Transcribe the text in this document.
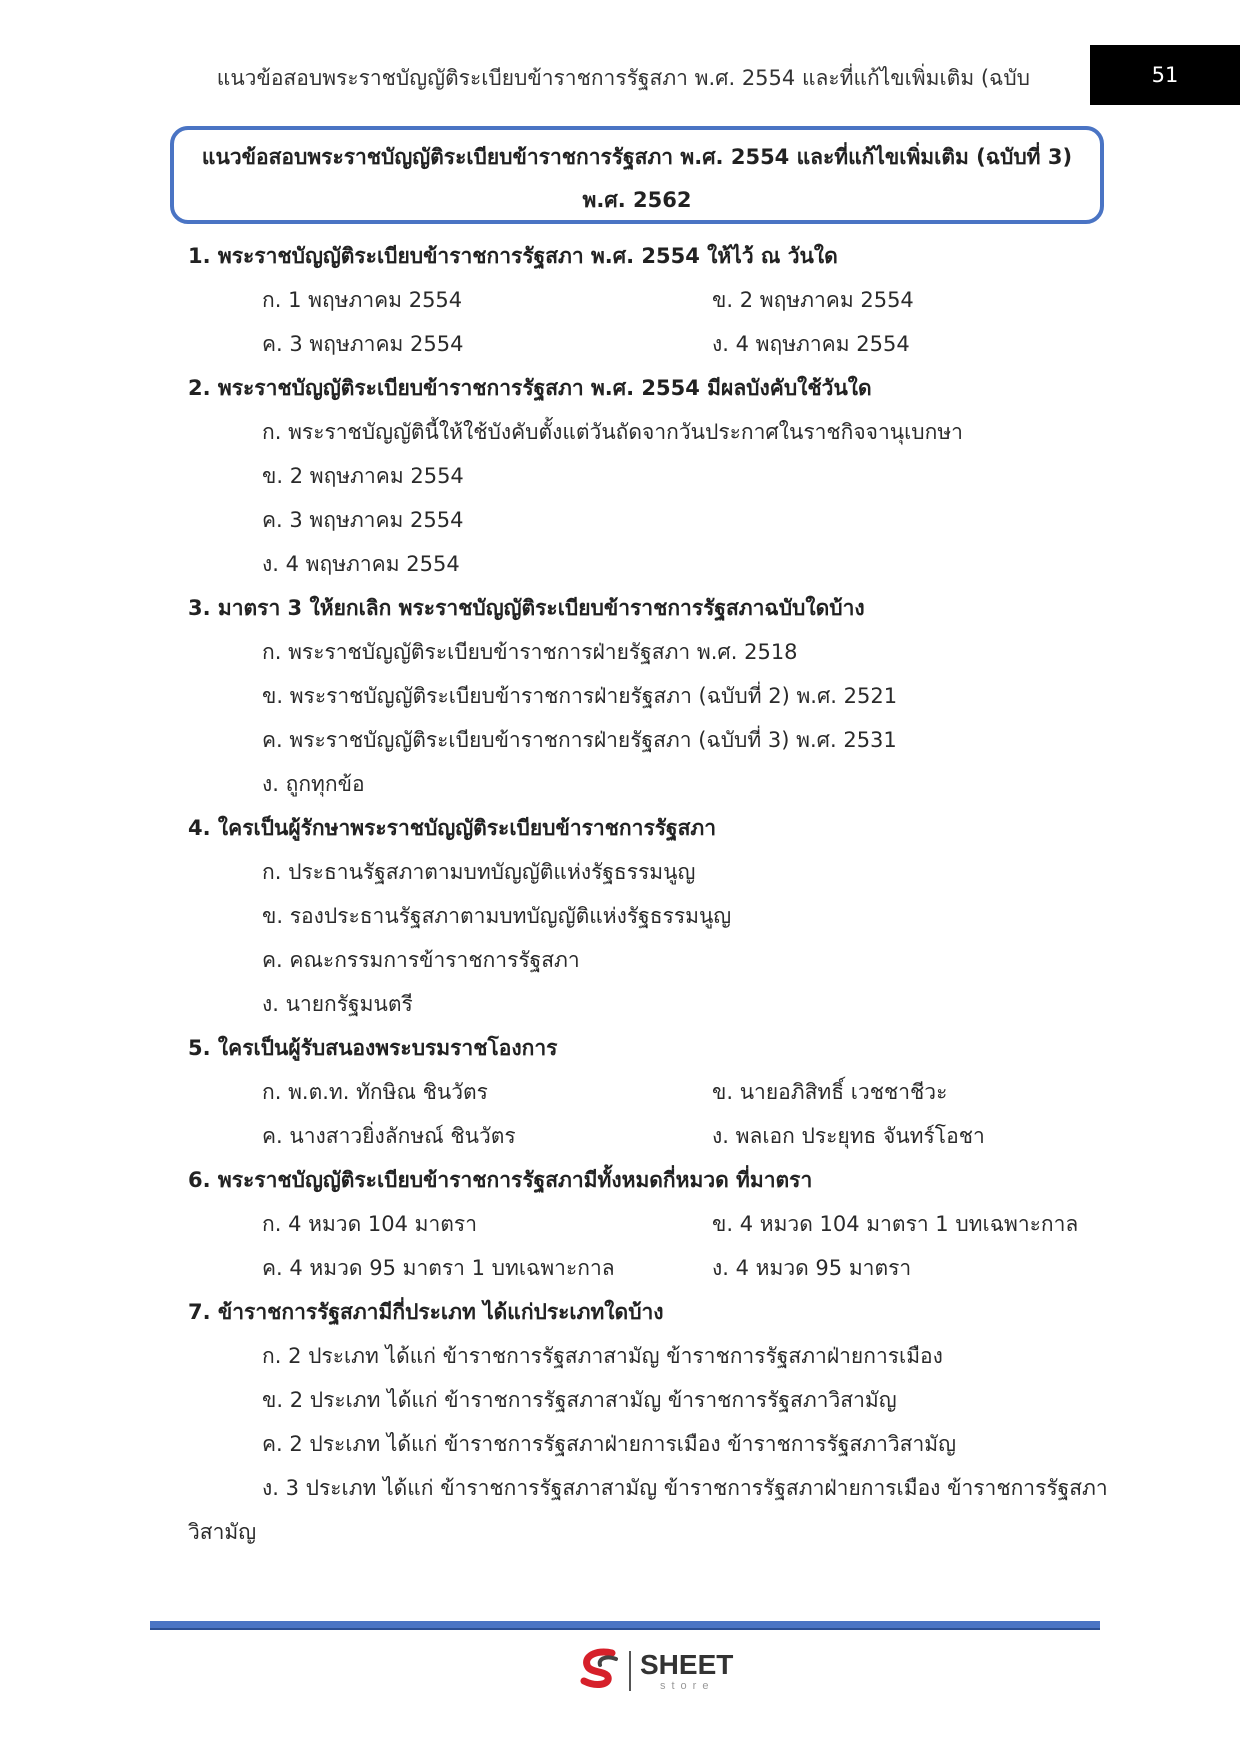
แนวข้อสอบพระราชบัญญัติระเบียบข้าราชการรัฐสภา พ.ศ. 2554 และที่แก้ไขเพิ่มเติม (ฉบับ	51
แนวข้อสอบพระราชบัญญัติระเบียบข้าราชการรัฐสภา พ.ศ. 2554 และที่แก้ไขเพิ่มเติม (ฉบับที่ 3)
พ.ศ. 2562
1. พระราชบัญญัติระเบียบข้าราชการรัฐสภา พ.ศ. 2554 ให้ไว้ ณ วันใด
ก. 1 พฤษภาคม 2554	ข. 2 พฤษภาคม 2554
ค. 3 พฤษภาคม 2554	ง. 4 พฤษภาคม 2554
2. พระราชบัญญัติระเบียบข้าราชการรัฐสภา พ.ศ. 2554 มีผลบังคับใช้วันใด
ก. พระราชบัญญัตินี้ให้ใช้บังคับตั้งแต่วันถัดจากวันประกาศในราชกิจจานุเบกษา
ข. 2 พฤษภาคม 2554
ค. 3 พฤษภาคม 2554
ง. 4 พฤษภาคม 2554
3. มาตรา 3 ให้ยกเลิก พระราชบัญญัติระเบียบข้าราชการรัฐสภาฉบับใดบ้าง
ก. พระราชบัญญัติระเบียบข้าราชการฝ่ายรัฐสภา พ.ศ. 2518
ข. พระราชบัญญัติระเบียบข้าราชการฝ่ายรัฐสภา (ฉบับที่ 2) พ.ศ. 2521
ค. พระราชบัญญัติระเบียบข้าราชการฝ่ายรัฐสภา (ฉบับที่ 3) พ.ศ. 2531
ง. ถูกทุกข้อ
4. ใครเป็นผู้รักษาพระราชบัญญัติระเบียบข้าราชการรัฐสภา
ก. ประธานรัฐสภาตามบทบัญญัติแห่งรัฐธรรมนูญ
ข. รองประธานรัฐสภาตามบทบัญญัติแห่งรัฐธรรมนูญ
ค. คณะกรรมการข้าราชการรัฐสภา
ง. นายกรัฐมนตรี
5. ใครเป็นผู้รับสนองพระบรมราชโองการ
ก. พ.ต.ท. ทักษิณ ชินวัตร	ข. นายอภิสิทธิ์ เวชชาชีวะ
ค. นางสาวยิ่งลักษณ์ ชินวัตร	ง. พลเอก ประยุทธ จันทร์โอชา
6. พระราชบัญญัติระเบียบข้าราชการรัฐสภามีทั้งหมดกี่หมวด ที่มาตรา
ก. 4 หมวด 104 มาตรา	ข. 4 หมวด 104 มาตรา 1 บทเฉพาะกาล
ค. 4 หมวด 95 มาตรา 1 บทเฉพาะกาล	ง. 4 หมวด 95 มาตรา
7. ข้าราชการรัฐสภามีกี่ประเภท ได้แก่ประเภทใดบ้าง
ก. 2 ประเภท ได้แก่ ข้าราชการรัฐสภาสามัญ ข้าราชการรัฐสภาฝ่ายการเมือง
ข. 2 ประเภท ได้แก่ ข้าราชการรัฐสภาสามัญ ข้าราชการรัฐสภาวิสามัญ
ค. 2 ประเภท ได้แก่ ข้าราชการรัฐสภาฝ่ายการเมือง ข้าราชการรัฐสภาวิสามัญ
ง. 3 ประเภท ได้แก่ ข้าราชการรัฐสภาสามัญ ข้าราชการรัฐสภาฝ่ายการเมือง ข้าราชการรัฐสภา
วิสามัญ
SHEET
store
